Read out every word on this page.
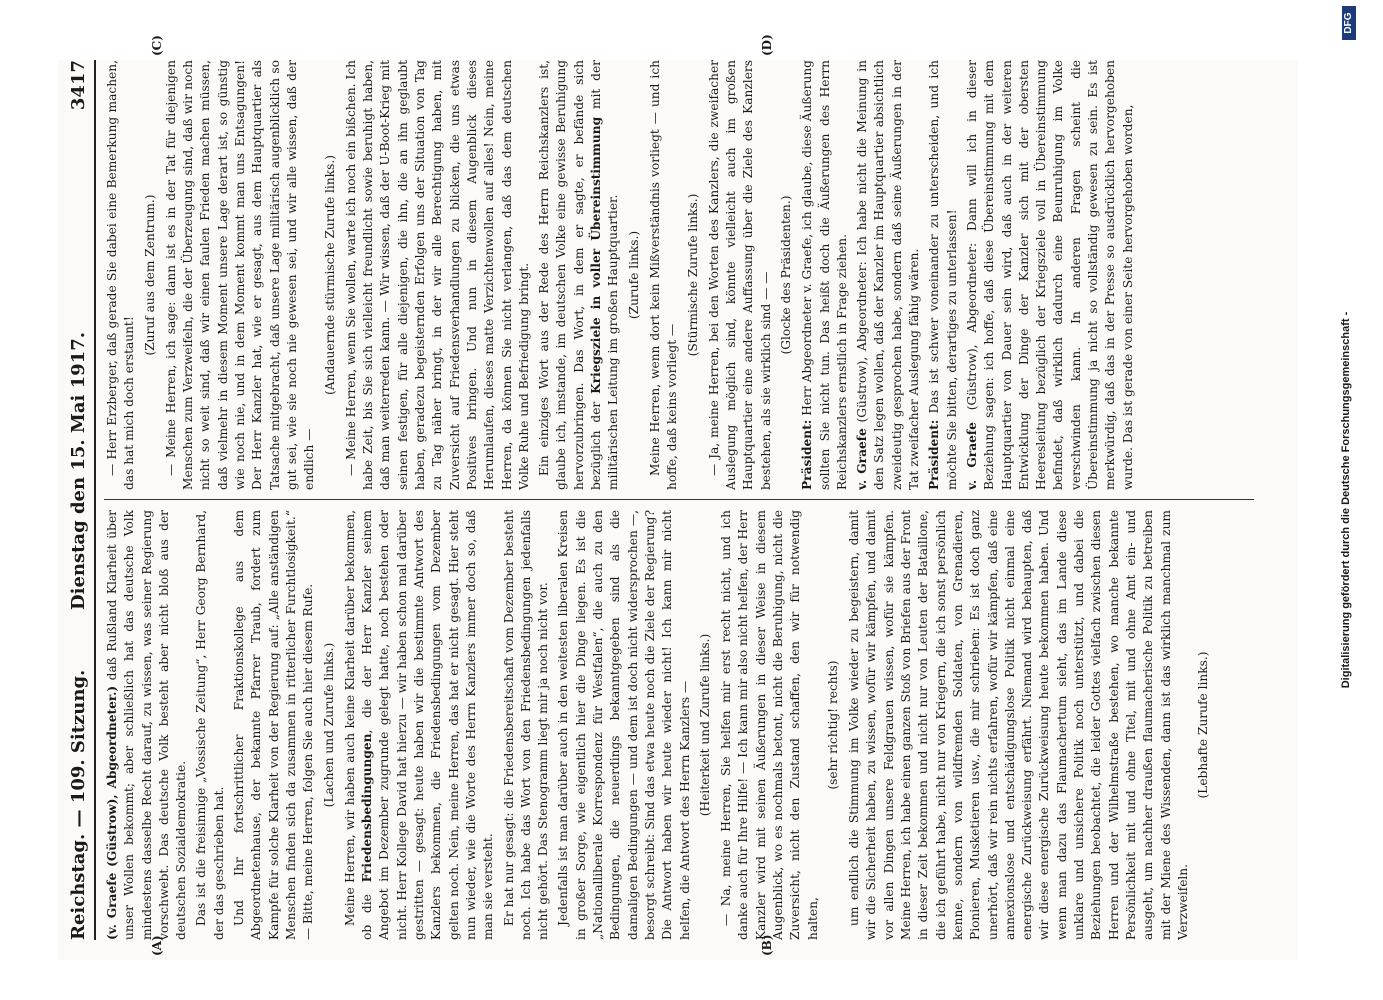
Reichstag. — 109. Sitzung.
Dienstag den 15. Mai 1917.
3417
(A)	(B)
(C)	(D)

(v. Graefe (Güstrow), Abgeordneter.) daß Rußland Klarheit über unser Wollen bekommt; aber schließlich hat das deutsche Volk mindestens dasselbe Recht darauf, zu wissen, was seiner Regierung vorschwebt. Das deutsche Volk besteht aber nicht bloß aus der deutschen Sozialdemokratie. Das ist die freisinnige „Vossische Zeitung“, Herr Georg Bernhard, der das geschrieben hat. Und Ihr fortschrittlicher Fraktionskollege aus dem Abgeordnetenhause, der bekannte Pfarrer Traub, fordert zum Kampfe für solche Klarheit von der Regierung auf: „Alle anständigen Menschen finden sich da zusammen in ritterlicher Furchtlosigkeit.“ — Bitte, meine Herren, folgen Sie auch hier diesem Rufe. (Lachen und Zurufe links.) Meine Herren, wir haben auch keine Klarheit darüber bekommen, ob die Friedensbedingungen, die der Herr Kanzler seinem Angebot im Dezember zugrunde gelegt hatte, noch bestehen oder nicht. Herr Kollege David hat hierzu — wir haben schon mal darüber gestritten — gesagt: heute haben wir die bestimmte Antwort des Kanzlers bekommen, die Friedensbedingungen vom Dezember gelten noch. Nein, meine Herren, das hat er nicht gesagt. Hier steht nun wieder, wie die Worte des Herrn Kanzlers immer doch so, daß man sie versteht. Er hat nur gesagt: die Friedensbereitschaft vom Dezember besteht noch. Ich habe das Wort von den Friedensbedingungen jedenfalls nicht gehört. Das Stenogramm liegt mir ja noch nicht vor. Jedenfalls ist man darüber auch in den weitesten liberalen Kreisen in großer Sorge, wie eigentlich hier die Dinge liegen. Es ist die „Nationalliberale Korrespondenz für Westfalen“, die auch zu den Bedingungen, die neuerdings bekanntgegeben sind als die damaligen Bedingungen — und dem ist doch nicht widersprochen —, besorgt schreibt: Sind das etwa heute noch die Ziele der Regierung? Die Antwort haben wir heute wieder nicht! Ich kann mir nicht helfen, die Antwort des Herrn Kanzlers — (Heiterkeit und Zurufe links.) — Na, meine Herren, Sie helfen mir erst recht nicht, und ich danke auch für Ihre Hilfe! — Ich kann mir also nicht helfen, der Herr Kanzler wird mit seinen Äußerungen in dieser Weise in diesem Augenblick, wo es nochmals betont, nicht die Beruhigung, nicht die Zuversicht, nicht den Zustand schaffen, den wir für notwendig halten,

(sehr richtig! rechts) um endlich die Stimmung im Volke wieder zu begeistern, damit wir die Sicherheit haben, zu wissen, wofür wir kämpfen, und damit vor allen Dingen unsere Feldgrauen wissen, wofür sie kämpfen. Meine Herren, ich habe einen ganzen Stoß von Briefen aus der Front in dieser Zeit bekommen und nicht nur von Leuten der Bataillone, die ich geführt habe, nicht nur von Kriegern, die ich sonst persönlich kenne, sondern von wildfremden Soldaten, von Grenadieren, Pionieren, Musketieren usw., die mir schrieben: Es ist doch ganz unerhört, daß wir rein nichts erfahren, wofür wir kämpfen, daß eine annexionslose und entschädigungslose Politik nicht einmal eine energische Zurückweisung erfährt. Niemand wird behaupten, daß wir diese energische Zurückweisung heute bekommen haben. Und wenn man dazu das Flaumachertum sieht, das im Lande diese unklare und unsichere Politik noch unterstützt, und dabei die Beziehungen beobachtet, die leider Gottes vielfach zwischen diesen Herren und der Wilhelmstraße bestehen, wo manche bekannte Persönlichkeit mit und ohne Titel, mit und ohne Amt ein- und ausgeht, um nachher draußen flaumacherische Politik zu betreiben mit der Miene des Wissenden, dann ist das wirklich manchmal zum Verzweifeln.

(Lebhafte Zurufe links.)

— Herr Erzberger, daß gerade Sie dabei eine Bemerkung machen, das hat mich doch erstaunt!

(Zuruf aus dem Zentrum.) — Meine Herren, ich sage: dann ist es in der Tat für diejenigen Menschen zum Verzweifeln, die der Überzeugung sind, daß wir noch nicht so weit sind, daß wir einen faulen Frieden machen müssen, daß vielmehr in diesem Moment unsere Lage derart ist, so günstig wie noch nie, und in dem Moment kommt man uns Entsagungen! Der Herr Kanzler hat, wie er gesagt, aus dem Hauptquartier als Tatsache mitgebracht, daß unsere Lage militärisch augenblicklich so gut sei, wie sie noch nie gewesen sei, und wir alle wissen, daß der endlich —

(Andauernde stürmische Zurufe links.) — Meine Herren, wenn Sie wollen, warte ich noch ein bißchen. Ich habe Zeit, bis Sie sich vielleicht freundlicht sowie beruhigt haben, daß man weiterreden kann. — Wir wissen, daß der U-Boot-Krieg mit seinen festigen, für alle diejenigen, die ihn, die an ihn geglaubt haben, geradezu begeisternden Erfolgen uns der Situation von Tag zu Tag näher bringt, in der wir alle Berechtigung haben, mit Zuversicht auf Friedensverhandlungen zu blicken, die uns etwas Positives bringen. Und nun in diesem Augenblick dieses Herumlaufen, dieses matte Verzichtenwollen auf alles! Nein, meine Herren, da können Sie nicht verlangen, daß das dem deutschen Volke Ruhe und Befriedigung bringt. Ein einziges Wort aus der Rede des Herrn Reichskanzlers ist, glaube ich, imstande, im deutschen Volke eine gewisse Beruhigung hervorzubringen. Das Wort, in dem er sagte, er befände sich bezüglich der Kriegsziele in voller Übereinstimmung mit der militärischen Leitung im großen Hauptquartier. (Zurufe links.) Meine Herren, wenn dort kein Mißverständnis vorliegt — und ich hoffe, daß keins vorliegt —

(Stürmische Zurufe links.) — Ja, meine Herren, bei den Worten des Kanzlers, die zweifacher Auslegung möglich sind, könnte vielleicht auch im großen Hauptquartier eine andere Auffassung über die Ziele des Kanzlers bestehen, als sie wirklich sind — — (Glocke des Präsidenten.)

Präsident: Herr Abgeordneter v. Graefe, ich glaube, diese Äußerung sollten Sie nicht tun. Das heißt doch die Äußerungen des Herrn Reichskanzlers ernstlich in Frage ziehen. v. Graefe (Güstrow), Abgeordneter: Ich habe nicht die Meinung in den Satz legen wollen, daß der Kanzler im Hauptquartier absichtlich zweideutig gesprochen habe, sondern daß seine Äußerungen in der Tat zweifacher Auslegung fähig wären. Präsident: Das ist schwer voneinander zu unterscheiden, und ich möchte Sie bitten, derartiges zu unterlassen! v. Graefe (Güstrow), Abgeordneter: Dann will ich in dieser Beziehung sagen: ich hoffe, daß diese Übereinstimmung mit dem Hauptquartier von Dauer sein wird, daß auch in der weiteren Entwicklung der Dinge der Kanzler sich mit der obersten Heeresleitung bezüglich der Kriegsziele voll in Übereinstimmung befindet, daß wirklich dadurch eine Beunruhigung im Volke verschwinden kann. In anderen Fragen scheint die Übereinstimmung ja nicht so vollständig gewesen zu sein. Es ist merkwürdig, daß das in der Presse so ausdrücklich hervorgehoben wurde. Das ist gerade von einer Seite hervorgehoben worden,

Digitalisierung gefördert durch die Deutsche Forschungsgemeinschaft -
DFG
